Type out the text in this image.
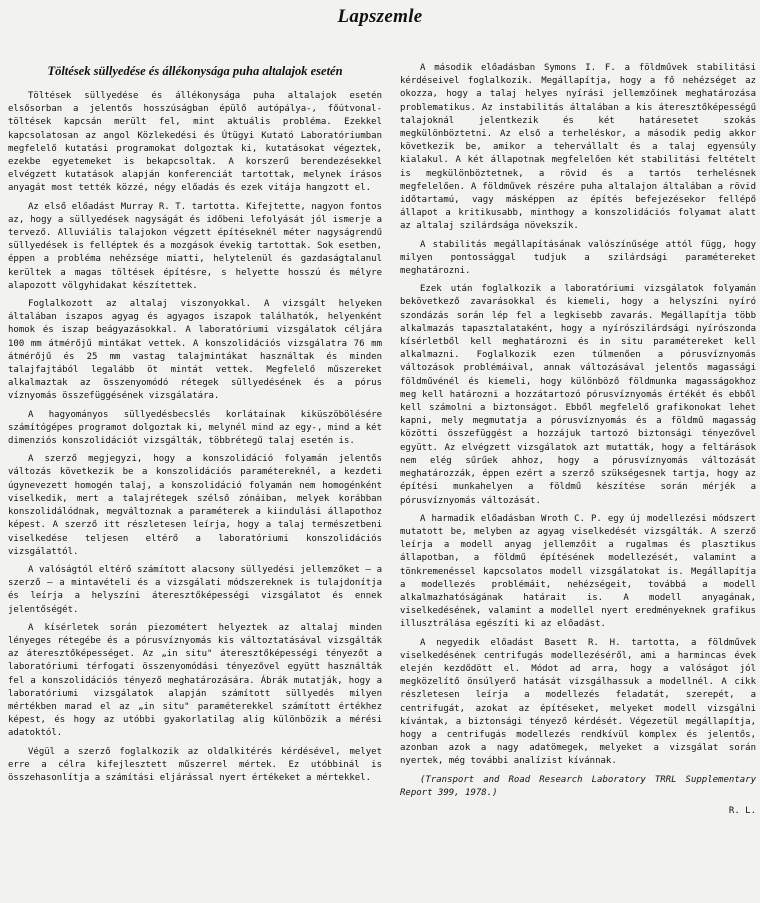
Lapszemle
Töltések süllyedése és állékonysága puha altalajok esetén

Töltések süllyedése és állékonysága puha altalajok esetén elsősorban a jelentős hosszúságban épülő autópálya-, főútvonal-töltések kapcsán merült fel, mint aktuális probléma. Ezekkel kapcsolatosan az angol Közlekedési és Útügyi Kutató Laboratóriumban megfelelő kutatási programokat dolgoztak ki, kutatásokat végeztek, ezekbe egyetemeket is bekapcsoltak. A korszerű berendezésekkel elvégzett kutatások alapján konferenciát tartottak, melynek írásos anyagát most tették közzé, négy előadás és ezek vitája hangzott el.

Az első előadást Murray R. T. tartotta. Kifejtette, nagyon fontos az, hogy a süllyedések nagyságát és időbeni lefolyását jól ismerje a tervező. Alluviális talajokon végzett építéseknél méter nagyságrendű süllyedések is felléptek és a mozgások évekig tartottak. Sok esetben, éppen a probléma nehézsége miatti, helytelenül és gazdaságtalanul kerültek a magas töltések építésre, s helyette hosszú és mélyre alapozott völgyhidakat készítettek.

Foglalkozott az altalaj viszonyokkal. A vizsgált helyeken általában iszapos agyag és agyagos iszapok találhatók, helyenként homok és iszap beágyazásokkal. A laboratóriumi vizsgálatok céljára 100 mm átmérőjű mintákat vettek. A konszolidációs vizsgálatra 76 mm átmérőjű és 25 mm vastag talajmintákat használtak és minden talajfajtából legalább öt mintát vettek. Megfelelő műszereket alkalmaztak az összenyomódó rétegek süllyedésének és a pórus víznyomás összefüggésének vizsgálatára.

A hagyományos süllyedésbecslés korlátainak kiküszöbölésére számítógépes programot dolgoztak ki, melynél mind az egy-, mind a két dimenziós konszolidációt vizsgálták, többrétegű talaj esetén is.

A szerző megjegyzi, hogy a konszolidáció folyamán jelentős változás következik be a konszolidációs paramétereknél, a kezdeti úgynevezett homogén talaj, a konszolidáció folyamán nem homogénként viselkedik, mert a talajrétegek szélső zónáiban, melyek korábban konszolidálódnak, megváltoznak a paraméterek a kiindulási állapothoz képest. A szerző itt részletesen leírja, hogy a talaj természetbeni viselkedése teljesen eltérő a laboratóriumi konszolidációs vizsgálattól.

A valóságtól eltérő számított alacsony süllyedési jellemzőket — a szerző — a mintavételi és a vizsgálati módszereknek is tulajdonítja és leírja a helyszíni áteresztőképességi vizsgálatot és ennek jelentőségét.

A kísérletek során piezométert helyeztek az altalaj minden lényeges rétegébe és a pórusvíznyomás kis változtatásával vizsgálták az áteresztőképességet. Az „in situ" áteresztőképességi tényezőt a laboratóriumi térfogati összenyomódási tényezővel együtt használták fel a konszolidációs tényező meghatározására. Ábrák mutatják, hogy a laboratóriumi vizsgálatok alapján számított süllyedés milyen mértékben marad el az „in situ" paraméterekkel számított értékhez képest, és hogy az utóbbi gyakorlatilag alig különbözik a mérési adatoktól.

Végül a szerző foglalkozik az oldalkitérés kérdésével, melyet erre a célra kifejlesztett műszerrel mértek. Ez utóbbinál is összehasonlítja a számítási eljárással nyert értékeket a mértekkel.

A második előadásban Symons I. F. a földművek stabilitási kérdéseivel foglalkozik. Megállapítja, hogy a fő nehézséget az okozza, hogy a talaj helyes nyírási jellemzőinek meghatározása problematikus. Az instabilitás általában a kis áteresztőképességű talajoknál jelentkezik és két határesetet szokás megkülönböztetni. Az első a terheléskor, a második pedig akkor következik be, amikor a tehervállalt és a talaj egyensúly kialakul. A két állapotnak megfelelően két stabilitási feltételt is megkülönböztetnek, a rövid és a tartós terhelésnek megfelelően. A földművek részére puha altalajon általában a rövid időtartamú, vagy másképpen az építés befejezésekor fellépő állapot a kritikusabb, minthogy a konszolidációs folyamat alatt az altalaj szilárdsága növekszik.

A stabilitás megállapításának valószínűsége attól függ, hogy milyen pontossággal tudjuk a szilárdsági paramétereket meghatározni.

Ezek után foglalkozik a laboratóriumi vizsgálatok folyamán bekövetkező zavarásokkal és kiemeli, hogy a helyszíni nyíró szondázás során lép fel a legkisebb zavarás. Megállapítja több alkalmazás tapasztalataként, hogy a nyírószilárdsági nyírószonda kísérletből kell meghatározni és in situ paramétereket kell alkalmazni. Foglalkozik ezen túlmenően a pórusvíznyomás változások problémáival, annak változásával jelentős magassági földművénél és kiemeli, hogy különböző földmunka magasságokhoz meg kell határozni a hozzátartozó pórusvíznyomás értékét és ebből kell számolni a biztonságot. Ebből megfelelő grafikonokat lehet kapni, mely megmutatja a pórusvíznyomás és a földmű magasság közötti összefüggést a hozzájuk tartozó biztonsági tényezővel együtt. Az elvégzett vizsgálatok azt mutatták, hogy a feltárások nem elég sűrűek ahhoz, hogy a pórusvíznyomás változását meghatározzák, éppen ezért a szerző szükségesnek tartja, hogy az építési munkahelyen a földmű készítése során mérjék a pórusvíznyomás változását.

A harmadik előadásban Wroth C. P. egy új modellezési módszert mutatott be, melyben az agyag viselkedését vizsgálták. A szerző leírja a modell anyag jellemzőit a rugalmas és plasztikus állapotban, a földmű építésének modellezését, valamint a tönkremenéssel kapcsolatos modell vizsgálatokat is. Megállapítja a modellezés problémáit, nehézségeit, továbbá a modell alkalmazhatóságának határait is. A modell anyagának, viselkedésének, valamint a modellel nyert eredményeknek grafikus illusztrálása egészíti ki az előadást.

A negyedik előadást Basett R. H. tartotta, a földművek viselkedésének centrifugás modellezéséről, ami a harmincas évek elején kezdődött el. Módot ad arra, hogy a valóságot jól megközelítő önsúlyerő hatását vizsgálhassuk a modellnél. A cikk részletesen leírja a modellezés feladatát, szerepét, a centrifugát, azokat az építéseket, melyeket modell vizsgálni kívántak, a biztonsági tényező kérdését. Végezetül megállapítja, hogy a centrifugás modellezés rendkívül komplex és jelentős, azonban azok a nagy adatömegek, melyeket a vizsgálat során nyertek, még további analízist kívánnak.

(Transport and Road Research Laboratory TRRL Supplementary Report 399, 1978.)

R. L.
